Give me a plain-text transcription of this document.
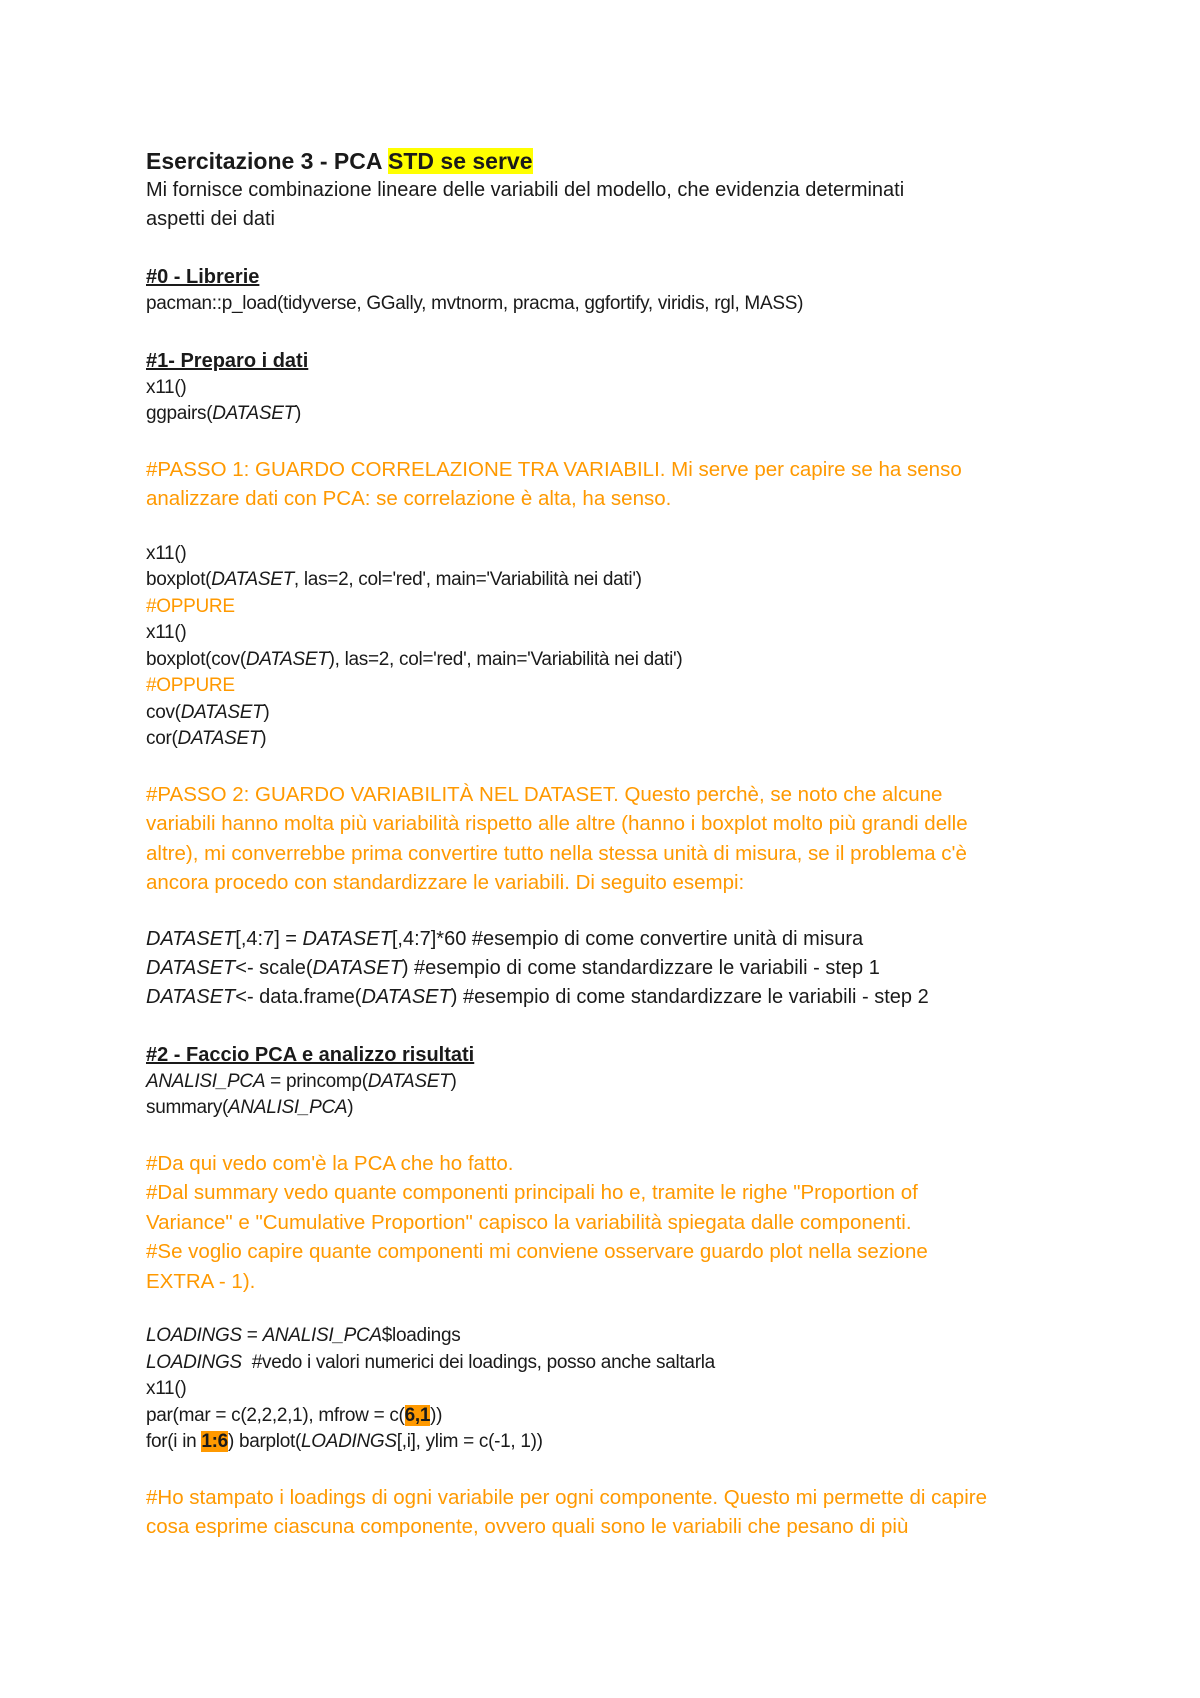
Esercitazione 3 - PCA STD se serve

Mi fornisce combinazione lineare delle variabili del modello, che evidenzia determinati

aspetti dei dati

#0 - Librerie

pacman::p_load(tidyverse, GGally, mvtnorm, pracma, ggfortify, viridis, rgl, MASS)

#1- Preparo i dati

x11()

ggpairs(DATASET)

#PASSO 1: GUARDO CORRELAZIONE TRA VARIABILI. Mi serve per capire se ha senso

analizzare dati con PCA: se correlazione è alta, ha senso.

x11()

boxplot(DATASET, las=2, col='red', main='Variabilità nei dati')

#OPPURE

x11()

boxplot(cov(DATASET), las=2, col='red', main='Variabilità nei dati')

#OPPURE

cov(DATASET)

cor(DATASET)

#PASSO 2: GUARDO VARIABILITÀ NEL DATASET. Questo perchè, se noto che alcune

variabili hanno molta più variabilità rispetto alle altre (hanno i boxplot molto più grandi delle

altre), mi converrebbe prima convertire tutto nella stessa unità di misura, se il problema c'è

ancora procedo con standardizzare le variabili. Di seguito esempi:

DATASET[,4:7] = DATASET[,4:7]*60 #esempio di come convertire unità di misura

DATASET<- scale(DATASET) #esempio di come standardizzare le variabili - step 1

DATASET<- data.frame(DATASET) #esempio di come standardizzare le variabili - step 2

#2 - Faccio PCA e analizzo risultati

ANALISI_PCA = princomp(DATASET)

summary(ANALISI_PCA)

#Da qui vedo com'è la PCA che ho fatto.

#Dal summary vedo quante componenti principali ho e, tramite le righe "Proportion of

Variance" e "Cumulative Proportion" capisco la variabilità spiegata dalle componenti.

#Se voglio capire quante componenti mi conviene osservare guardo plot nella sezione

EXTRA - 1).

LOADINGS = ANALISI_PCA$loadings

LOADINGS  #vedo i valori numerici dei loadings, posso anche saltarla

x11()

par(mar = c(2,2,2,1), mfrow = c(6,1))

for(i in 1:6) barplot(LOADINGS[,i], ylim = c(-1, 1))

#Ho stampato i loadings di ogni variabile per ogni componente. Questo mi permette di capire

cosa esprime ciascuna componente, ovvero quali sono le variabili che pesano di più
